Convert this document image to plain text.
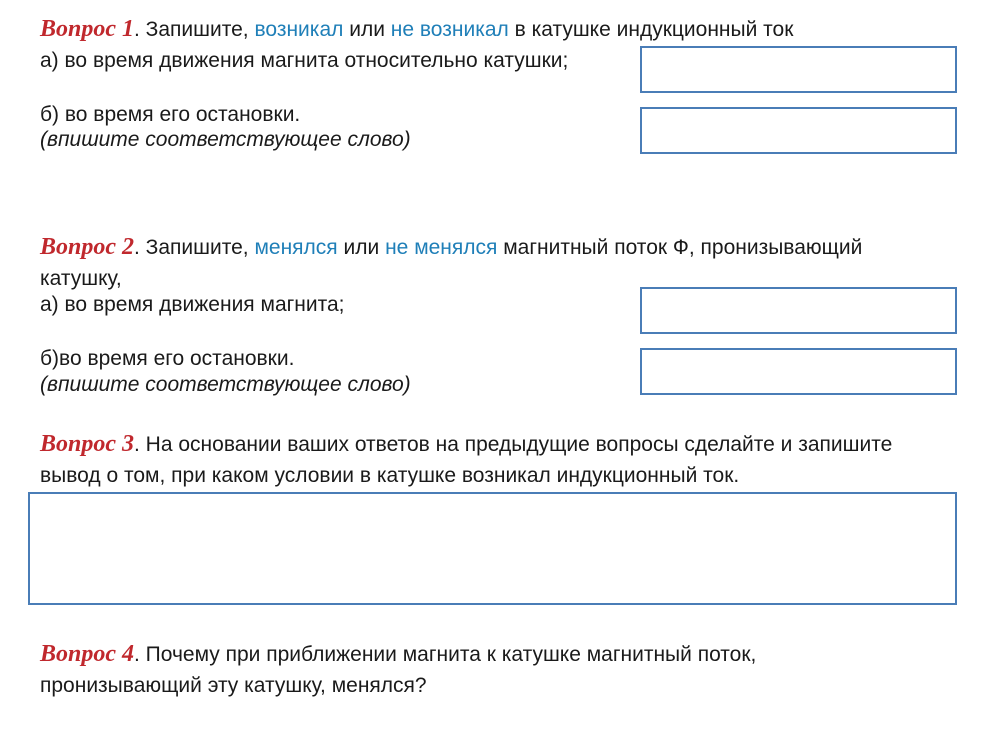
Вопрос 1. Запишите, возникал или не возникал в катушке индукционный ток
а) во время движения магнита относительно катушки;
б) во время его остановки.
(впишите соответствующее слово)
Вопрос 2. Запишите, менялся или не менялся магнитный поток Ф, пронизывающий
катушку,
а) во время движения магнита;
б)во время его остановки.
(впишите соответствующее слово)
Вопрос 3. На основании ваших ответов на предыдущие вопросы сделайте и запишите
вывод о том, при каком условии в катушке возникал индукционный ток.
Вопрос 4. Почему при приближении магнита к катушке магнитный поток,
пронизывающий эту катушку, менялся?
